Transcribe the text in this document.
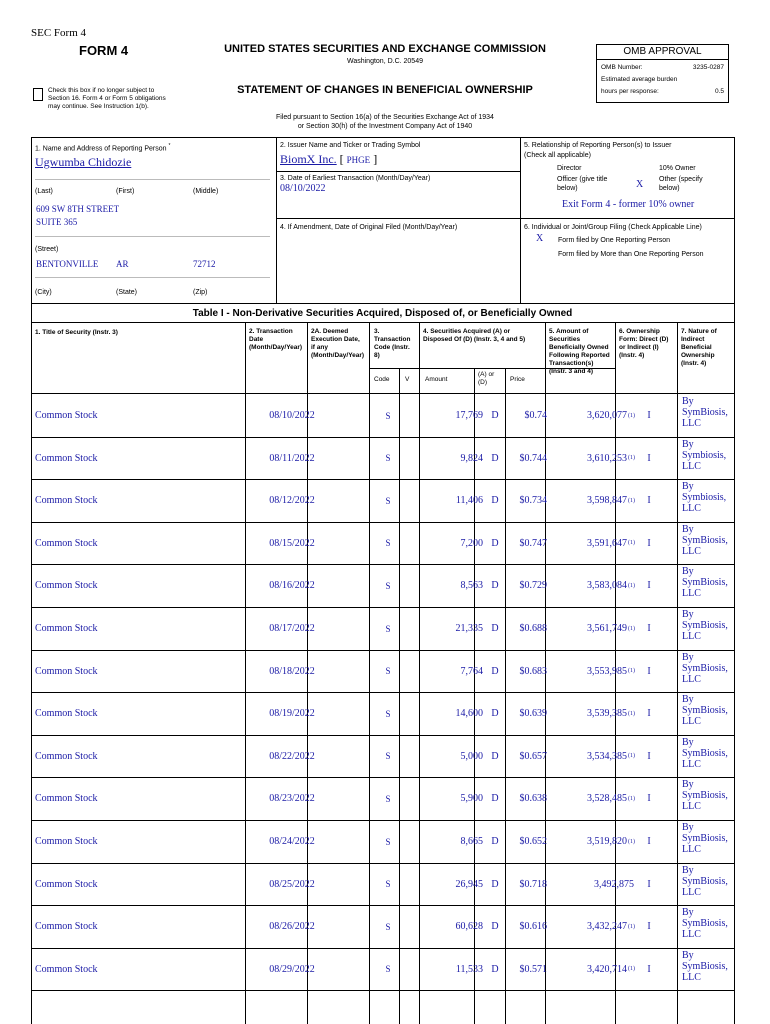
SEC Form 4
FORM 4	UNITED STATES SECURITIES AND EXCHANGE COMMISSION
Washington, D.C. 20549
Check this box if no longer subject to
Section 16. Form 4 or Form 5 obligations
may continue. See Instruction 1(b).
STATEMENT OF CHANGES IN BENEFICIAL OWNERSHIP
OMB APPROVAL
OMB Number:	3235-0287
Estimated average burden
hours per response:	0.5
Filed pursuant to Section 16(a) of the Securities Exchange Act of 1934
or Section 30(h) of the Investment Company Act of 1940
1. Name and Address of Reporting Person *
Ugwumba Chidozie
(Last)	(First)	(Middle)
609 SW 8TH STREET
SUITE 365
(Street)
BENTONVILLE AR	72712
(City)	(State)	(Zip)
2. Issuer Name and Ticker or Trading Symbol
BiomX Inc. [ PHGE ]
3. Date of Earliest Transaction (Month/Day/Year)
08/10/2022
4. If Amendment, Date of Original Filed (Month/Day/Year)
5. Relationship of Reporting Person(s) to Issuer
(Check all applicable)
Director	10% Owner
Officer (give title
below)	X Other (specify
below)
Exit Form 4 - former 10% owner
6. Individual or Joint/Group Filing (Check Applicable Line)
X Form filed by One Reporting Person
Form filed by More than One Reporting Person
Table I - Non-Derivative Securities Acquired, Disposed of, or Beneficially Owned
1. Title of Security (Instr. 3)	2. Transaction
Date
(Month/Day/Year)
2A. Deemed
Execution Date,
if any
(Month/Day/Year)
3.
Transaction
Code (Instr.
8)
4. Securities Acquired (A) or
Disposed Of (D) (Instr. 3, 4 and 5)
5. Amount of
Securities
Beneficially Owned
Following Reported
Transaction(s)
(Instr. 3 and 4)
6. Ownership
Form: Direct (D)
or Indirect (I)
(Instr. 4)
7. Nature of
Indirect
Beneficial
Ownership
(Instr. 4)
Code V Amount
(A) or
(D)	Price
Common Stock	08/10/2022	S	17,769 D	$0.74	3,620,077 (1)	I
By
SymBiosis,
LLC
Common Stock	08/11/2022	S	9,824 D	$0.744	3,610,253 (1)	I
By
Symbiosis,
LLC
Common Stock	08/12/2022	S	11,406 D	$0.734	3,598,847 (1)	I
By
Symbiosis,
LLC
Common Stock	08/15/2022	S	7,200 D	$0.747	3,591,647 (1)	I
By
SymBiosis,
LLC
Common Stock	08/16/2022	S	8,563 D	$0.729	3,583,084 (1)	I
By
SymBiosis,
LLC
Common Stock	08/17/2022	S	21,335 D	$0.688	3,561,749 (1)	I
By
SymBiosis,
LLC
Common Stock	08/18/2022	S	7,764 D	$0.683	3,553,985 (1)	I
By
SymBiosis,
LLC
Common Stock	08/19/2022	S	14,600 D	$0.639	3,539,385 (1)	I
By
SymBiosis,
LLC
Common Stock	08/22/2022	S	5,000 D	$0.657	3,534,385 (1)	I
By
SymBiosis,
LLC
Common Stock	08/23/2022	S	5,900 D	$0.638	3,528,485 (1)	I
By
SymBiosis,
LLC
Common Stock	08/24/2022	S	8,665 D	$0.652	3,519,820 (1)	I
By
SymBiosis,
LLC
Common Stock	08/25/2022	S	26,945 D	$0.718	3,492,875	I
By
SymBiosis,
LLC
Common Stock	08/26/2022	S	60,628 D	$0.616	3,432,247 (1)	I
By
SymBiosis,
LLC
Common Stock	08/29/2022	S	11,533 D	$0.571	3,420,714 (1)	I
By
SymBiosis,
LLC
